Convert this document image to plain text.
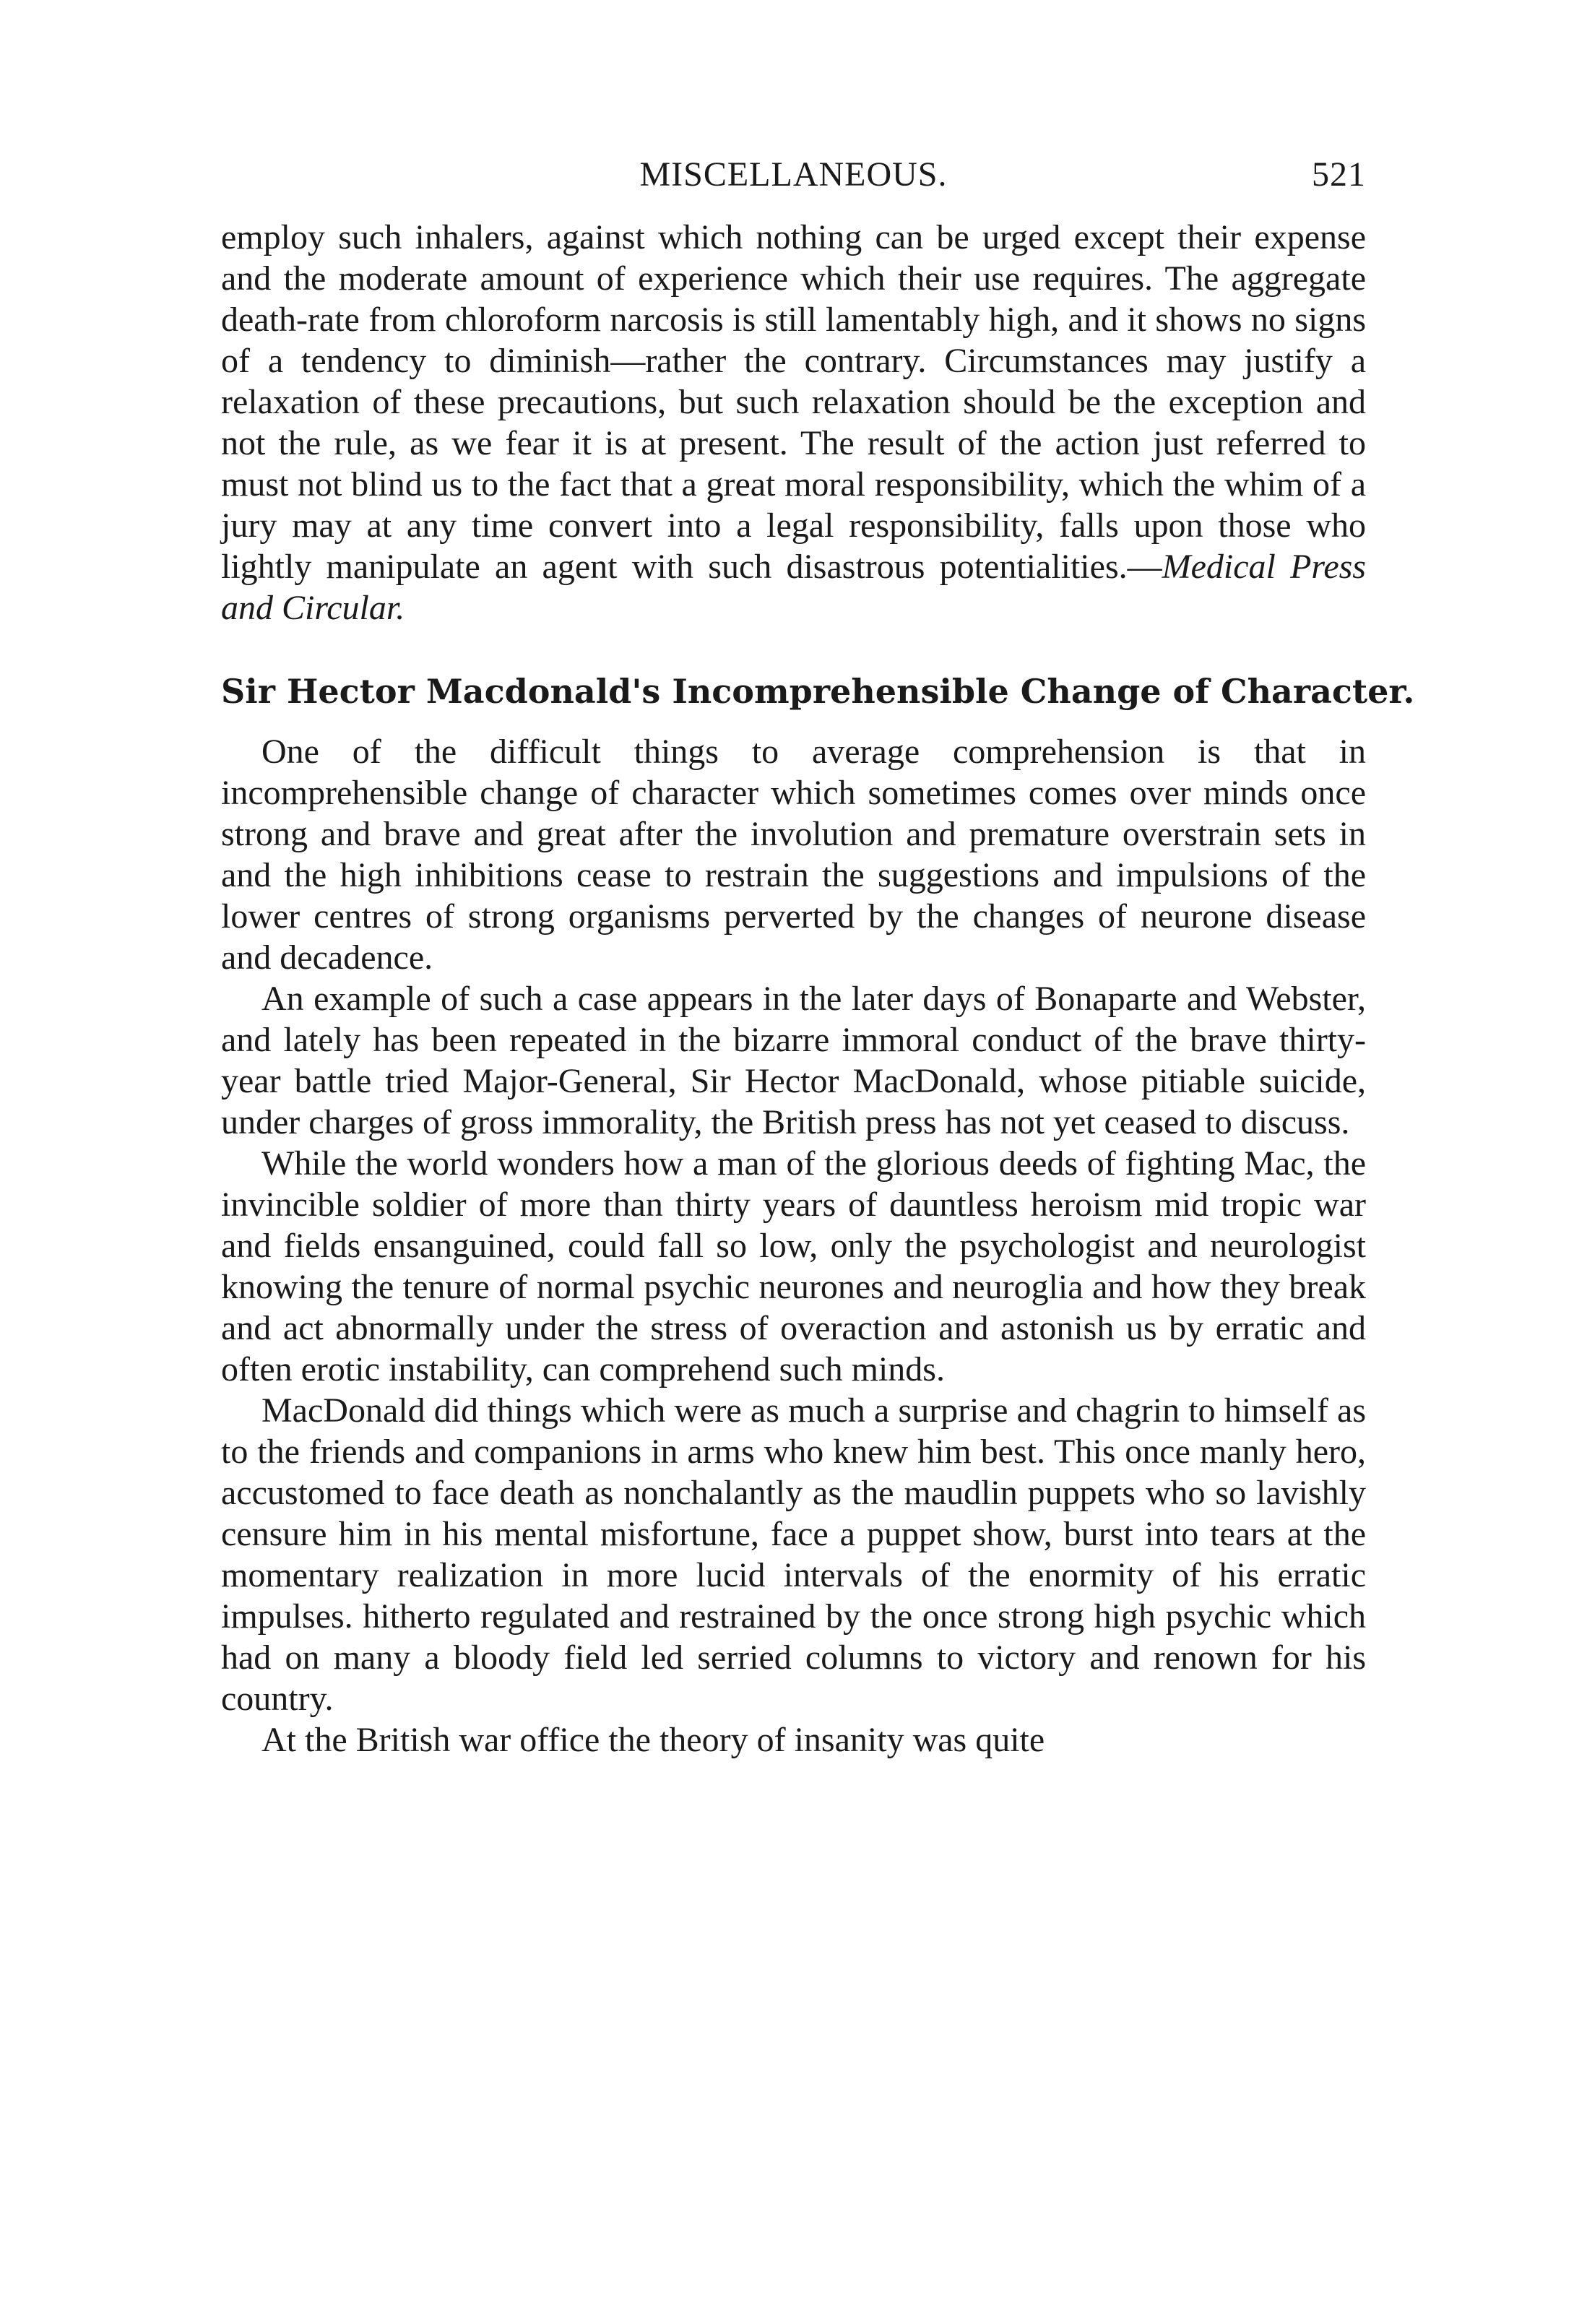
MISCELLANEOUS.	521

employ such inhalers, against which nothing can be urged except their expense and the moderate amount of experience which their use requires. The aggregate death-rate from chloroform narcosis is still lamentably high, and it shows no signs of a tendency to diminish—rather the contrary. Circumstances may justify a relaxation of these precautions, but such relaxation should be the exception and not the rule, as we fear it is at present. The result of the action just referred to must not blind us to the fact that a great moral responsibility, which the whim of a jury may at any time convert into a legal responsibility, falls upon those who lightly manipulate an agent with such disastrous potentialities.—Medical Press and Circular.

Sir Hector Macdonald's Incomprehensible Change of Character.

One of the difficult things to average comprehension is that in incomprehensible change of character which sometimes comes over minds once strong and brave and great after the involution and premature overstrain sets in and the high inhibitions cease to restrain the suggestions and impulsions of the lower centres of strong organisms perverted by the changes of neurone disease and decadence.

An example of such a case appears in the later days of Bonaparte and Webster, and lately has been repeated in the bizarre immoral conduct of the brave thirty-year battle tried Major-General, Sir Hector MacDonald, whose pitiable suicide, under charges of gross immorality, the British press has not yet ceased to discuss.

While the world wonders how a man of the glorious deeds of fighting Mac, the invincible soldier of more than thirty years of dauntless heroism mid tropic war and fields ensanguined, could fall so low, only the psychologist and neurologist knowing the tenure of normal psychic neurones and neuroglia and how they break and act abnormally under the stress of overaction and astonish us by erratic and often erotic instability, can comprehend such minds.

MacDonald did things which were as much a surprise and chagrin to himself as to the friends and companions in arms who knew him best. This once manly hero, accustomed to face death as nonchalantly as the maudlin puppets who so lavishly censure him in his mental misfortune, face a puppet show, burst into tears at the momentary realization in more lucid intervals of the enormity of his erratic impulses. hitherto regulated and restrained by the once strong high psychic which had on many a bloody field led serried columns to victory and renown for his country.

At the British war office the theory of insanity was quite
